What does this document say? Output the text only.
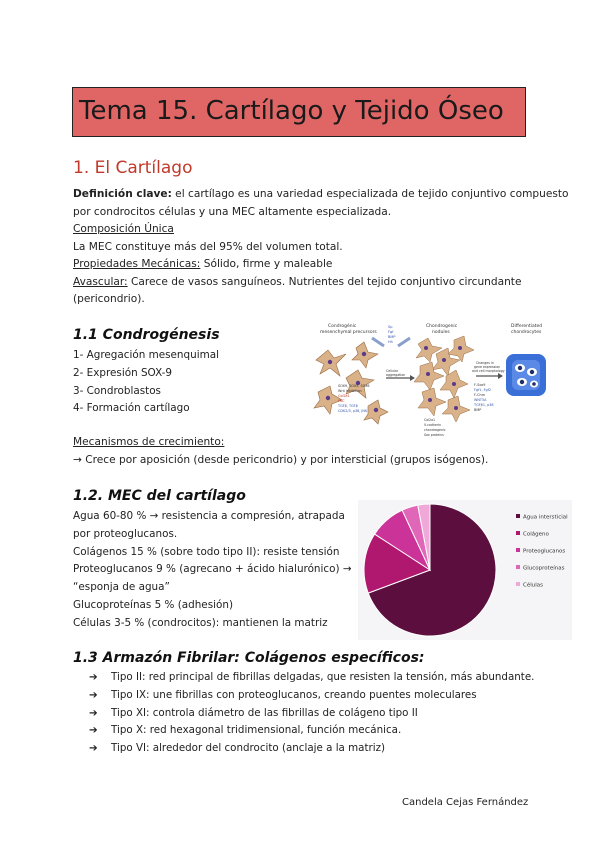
Tema 15. Cartílago y Tejido Óseo
1. El Cartílago
Definición clave: el cartílago es una variedad especializada de tejido conjuntivo compuesto
por condrocitos células y una MEC altamente especializada.
Composición Única
La MEC constituye más del 95% del volumen total.
Propiedades Mecánicas: Sólido, firme y maleable
Avascular: Carece de vasos sanguíneos. Nutrientes del tejido conjuntivo circundante
(pericondrio).
1.1 Condrogénesis
1- Agregación mesenquimal
2- Expresión SOX-9
3- Condroblastos
4- Formación cartílago
Condrogénic
mesenchymal precursors
Chondrogenic
nodules
Differentiated
chondrocytes
Sp
Fgf
BMP
Hh
Cellular
aggregation
SOX9, SOX5, SOX6
Wnt inhibition
Col2a1
PKC
TGFβ, TGFβ
CDK2/3, p38, JNK
Col2a1
V-cadherin
chondrogenic
Sox proteins
Changes in
gene expression
and cell morphology
F-Sox9
Fgf1, Fgf2
F-Chm
WNT5A
TGFβ1, p38
BMP
Mecanismos de crecimiento:
→ Crece por aposición (desde pericondrio) y por intersticial (grupos isógenos).
1.2. MEC del cartílago
Agua 60-80 % → resistencia a compresión, atrapada
por proteoglucanos.
Colágenos 15 % (sobre todo tipo II): resiste tensión
Proteoglucanos 9 % (agrecano + ácido hialurónico) →
“esponja de agua”
Glucoproteínas 5 % (adhesión)
Células 3-5 % (condrocitos): mantienen la matriz
Agua intersticial
Colágeno
Proteoglucanos
Glucoproteínas
Células
1.3 Armazón Fibrilar: Colágenos específicos:
➔ Tipo II: red principal de fibrillas delgadas, que resisten la tensión, más abundante.
➔ Tipo IX: une fibrillas con proteoglucanos, creando puentes moleculares
➔ Tipo XI: controla diámetro de las fibrillas de colágeno tipo II
➔ Tipo X: red hexagonal tridimensional, función mecánica.
➔ Tipo VI: alrededor del condrocito (anclaje a la matriz)
Candela Cejas Fernández
